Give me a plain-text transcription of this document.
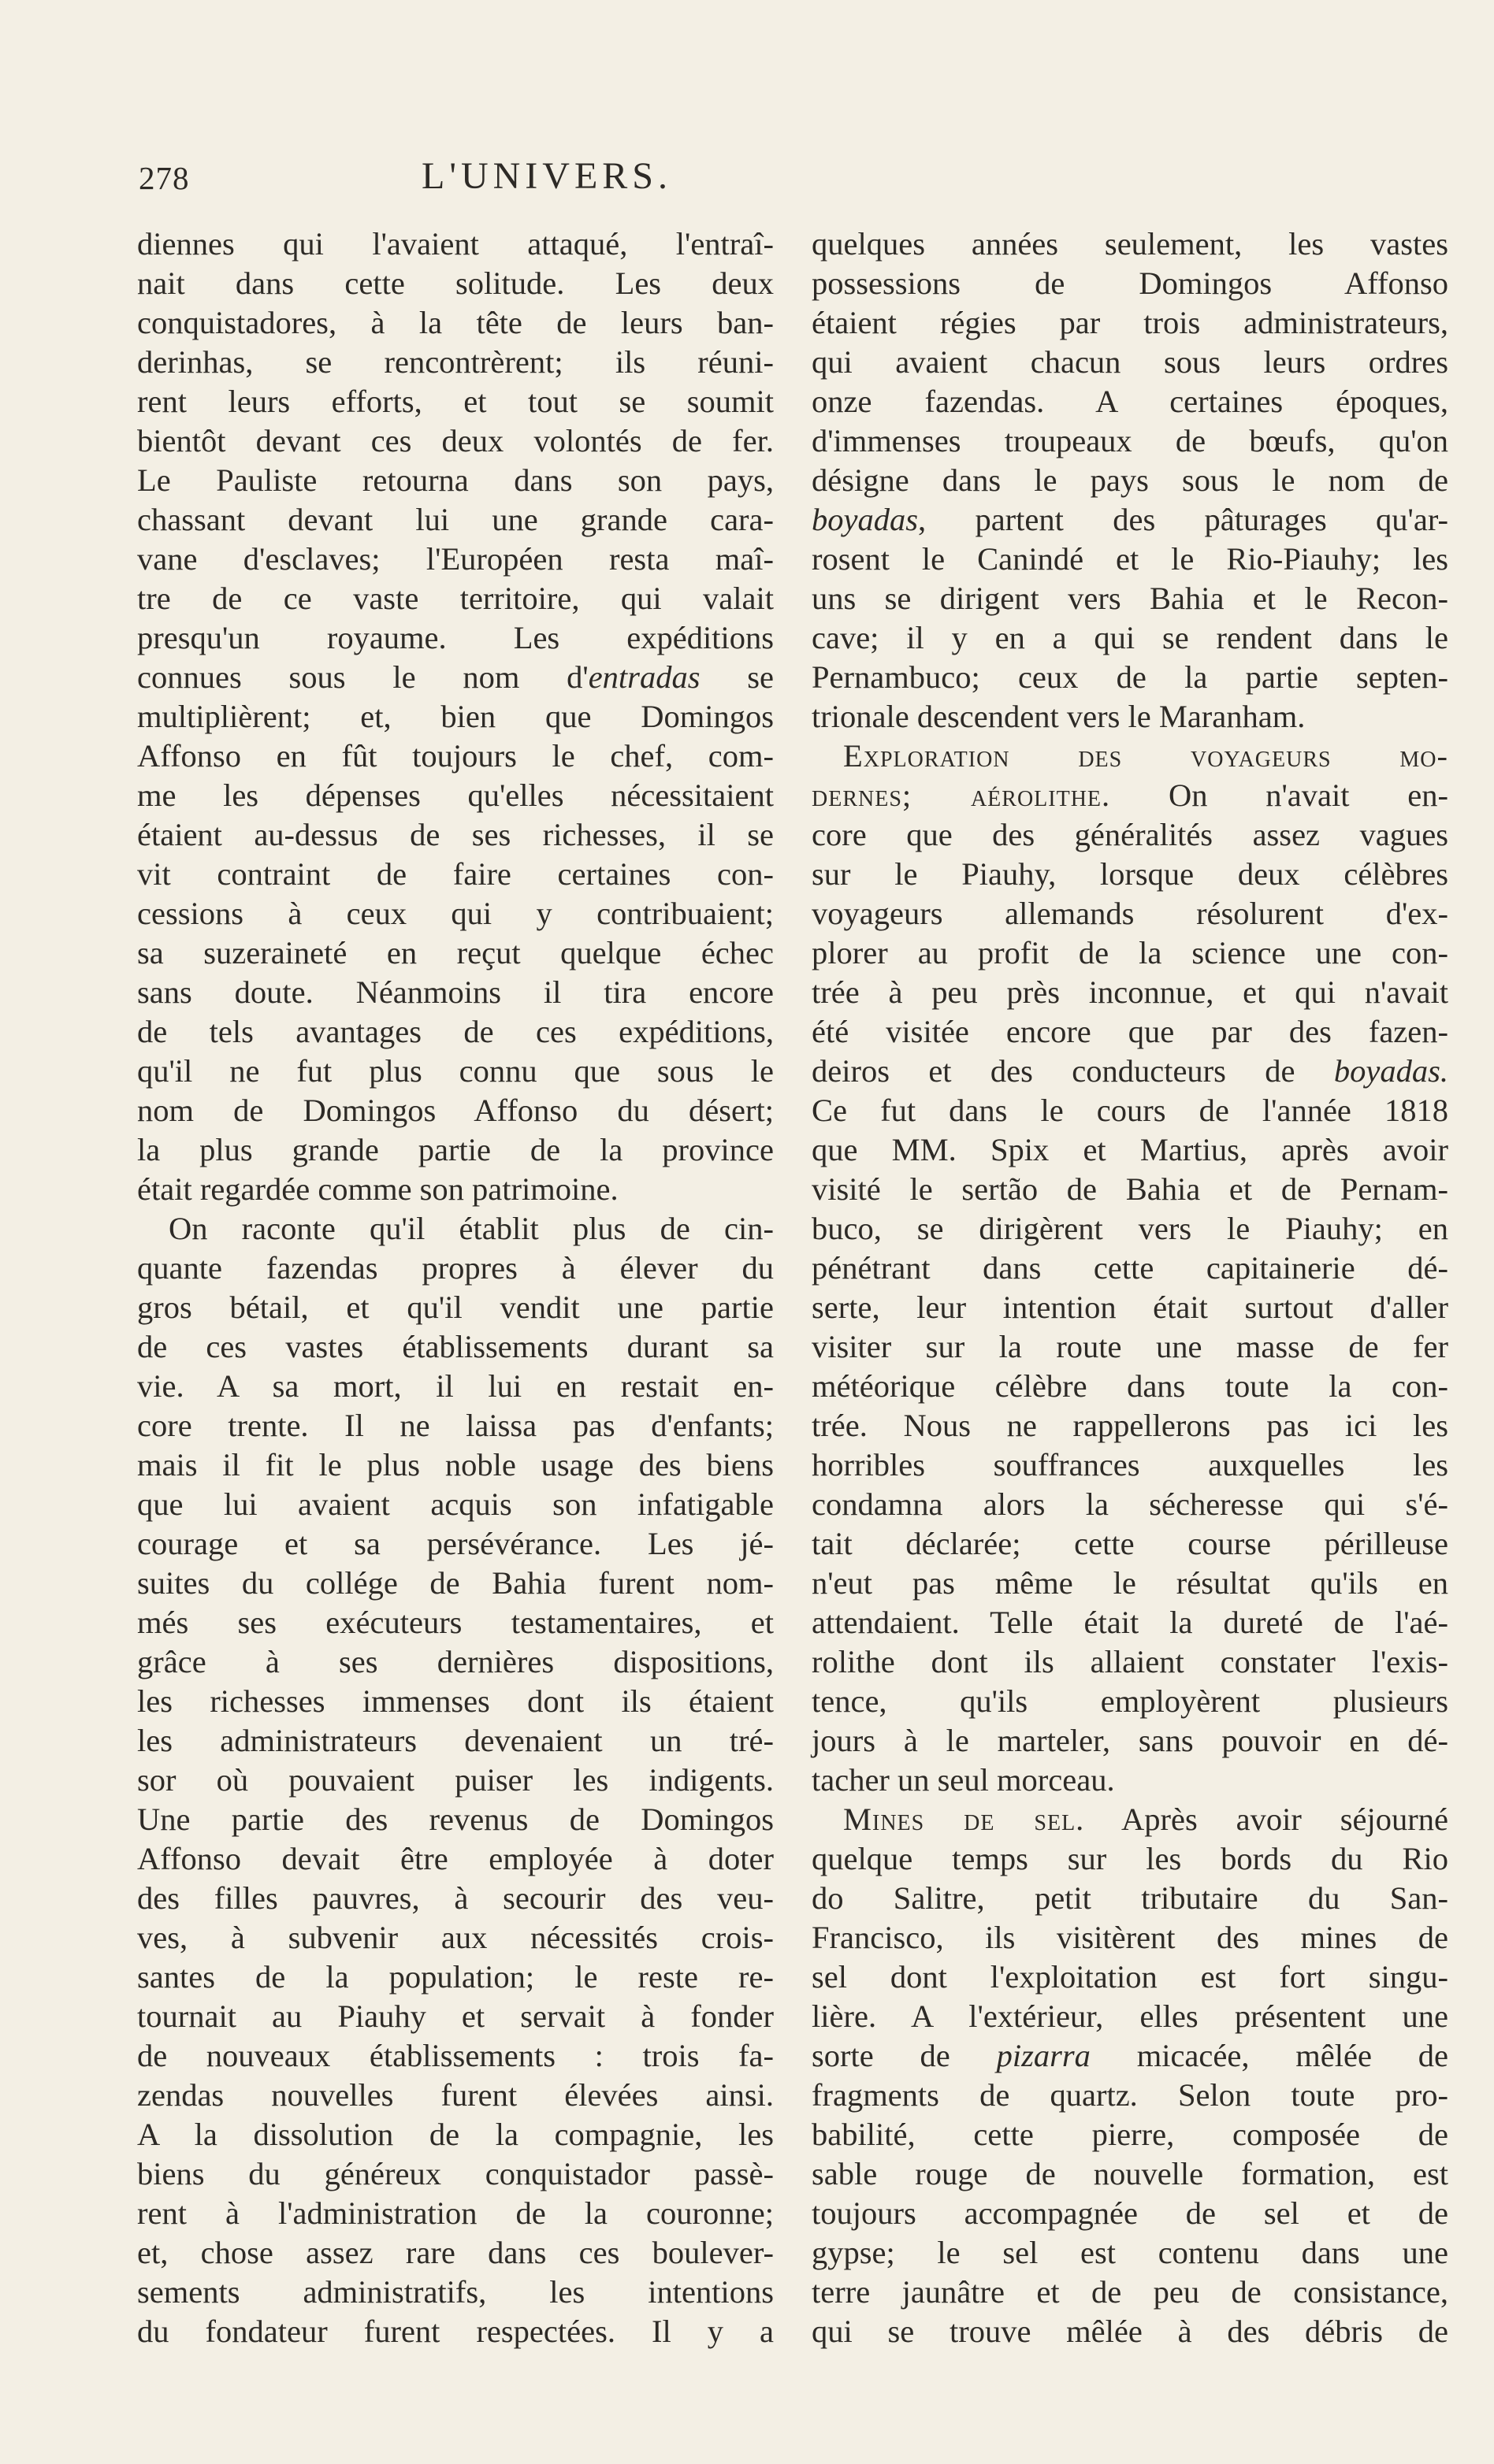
278	L'UNIVERS.

diennes qui l'avaient attaqué, l'entraî-
nait dans cette solitude. Les deux
conquistadores, à la tête de leurs ban-
derinhas, se rencontrèrent; ils réuni-
rent leurs efforts, et tout se soumit
bientôt devant ces deux volontés de fer.
Le Pauliste retourna dans son pays,
chassant devant lui une grande cara-
vane d'esclaves; l'Européen resta maî-
tre de ce vaste territoire, qui valait
presqu'un royaume. Les expéditions
connues sous le nom d'entradas se
multiplièrent; et, bien que Domingos
Affonso en fût toujours le chef, com-
me les dépenses qu'elles nécessitaient
étaient au-dessus de ses richesses, il se
vit contraint de faire certaines con-
cessions à ceux qui y contribuaient;
sa suzeraineté en reçut quelque échec
sans doute. Néanmoins il tira encore
de tels avantages de ces expéditions,
qu'il ne fut plus connu que sous le
nom de Domingos Affonso du désert;
la plus grande partie de la province
était regardée comme son patrimoine.

On raconte qu'il établit plus de cin-
quante fazendas propres à élever du
gros bétail, et qu'il vendit une partie
de ces vastes établissements durant sa
vie. A sa mort, il lui en restait en-
core trente. Il ne laissa pas d'enfants;
mais il fit le plus noble usage des biens
que lui avaient acquis son infatigable
courage et sa persévérance. Les jé-
suites du collége de Bahia furent nom-
més ses exécuteurs testamentaires, et
grâce à ses dernières dispositions,
les richesses immenses dont ils étaient
les administrateurs devenaient un tré-
sor où pouvaient puiser les indigents.
Une partie des revenus de Domingos
Affonso devait être employée à doter
des filles pauvres, à secourir des veu-
ves, à subvenir aux nécessités crois-
santes de la population; le reste re-
tournait au Piauhy et servait à fonder
de nouveaux établissements : trois fa-
zendas nouvelles furent élevées ainsi.
A la dissolution de la compagnie, les
biens du généreux conquistador passè-
rent à l'administration de la couronne;
et, chose assez rare dans ces boulever-
sements administratifs, les intentions
du fondateur furent respectées. Il y a

quelques années seulement, les vastes
possessions de Domingos Affonso
étaient régies par trois administrateurs,
qui avaient chacun sous leurs ordres
onze fazendas. A certaines époques,
d'immenses troupeaux de bœufs, qu'on
désigne dans le pays sous le nom de
boyadas, partent des pâturages qu'ar-
rosent le Canindé et le Rio-Piauhy; les
uns se dirigent vers Bahia et le Recon-
cave; il y en a qui se rendent dans le
Pernambuco; ceux de la partie septen-
trionale descendent vers le Maranham.

Exploration des voyageurs mo-
dernes; aérolithe. On n'avait en-
core que des généralités assez vagues
sur le Piauhy, lorsque deux célèbres
voyageurs allemands résolurent d'ex-
plorer au profit de la science une con-
trée à peu près inconnue, et qui n'avait
été visitée encore que par des fazen-
deiros et des conducteurs de boyadas.
Ce fut dans le cours de l'année 1818
que MM. Spix et Martius, après avoir
visité le sertão de Bahia et de Pernam-
buco, se dirigèrent vers le Piauhy; en
pénétrant dans cette capitainerie dé-
serte, leur intention était surtout d'aller
visiter sur la route une masse de fer
météorique célèbre dans toute la con-
trée. Nous ne rappellerons pas ici les
horribles souffrances auxquelles les
condamna alors la sécheresse qui s'é-
tait déclarée; cette course périlleuse
n'eut pas même le résultat qu'ils en
attendaient. Telle était la dureté de l'aé-
rolithe dont ils allaient constater l'exis-
tence, qu'ils employèrent plusieurs
jours à le marteler, sans pouvoir en dé-
tacher un seul morceau.

Mines de sel. Après avoir séjourné
quelque temps sur les bords du Rio
do Salitre, petit tributaire du San-
Francisco, ils visitèrent des mines de
sel dont l'exploitation est fort singu-
lière. A l'extérieur, elles présentent une
sorte de pizarra micacée, mêlée de
fragments de quartz. Selon toute pro-
babilité, cette pierre, composée de
sable rouge de nouvelle formation, est
toujours accompagnée de sel et de
gypse; le sel est contenu dans une
terre jaunâtre et de peu de consistance,
qui se trouve mêlée à des débris de
